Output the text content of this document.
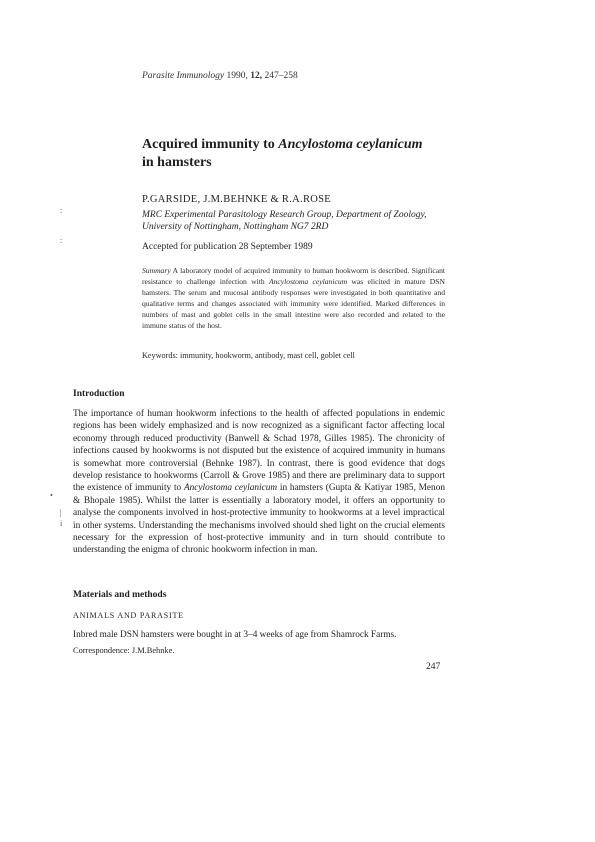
Parasite Immunology 1990, 12, 247–258
Acquired immunity to Ancylostoma ceylanicum
in hamsters
P.GARSIDE, J.M.BEHNKE & R.A.ROSE
MRC Experimental Parasitology Research Group, Department of Zoology, University of Nottingham, Nottingham NG7 2RD
Accepted for publication 28 September 1989
Summary A laboratory model of acquired immunity to human hookworm is described. Significant resistance to challenge infection with Ancylostoma ceylanicum was elicited in mature DSN hamsters. The serum and mucosal antibody responses were investigated in both quantitative and qualitative terms and changes associated with immunity were identified. Marked differences in numbers of mast and goblet cells in the small intestine were also recorded and related to the immune status of the host.
Keywords: immunity, hookworm, antibody, mast cell, goblet cell
Introduction
The importance of human hookworm infections to the health of affected populations in endemic regions has been widely emphasized and is now recognized as a significant factor affecting local economy through reduced productivity (Banwell & Schad 1978, Gilles 1985). The chronicity of infections caused by hookworms is not disputed but the existence of acquired immunity in humans is somewhat more controversial (Behnke 1987). In contrast, there is good evidence that dogs develop resistance to hookworms (Carroll & Grove 1985) and there are preliminary data to support the existence of immunity to Ancylostoma ceylanicum in hamsters (Gupta & Katiyar 1985, Menon & Bhopale 1985). Whilst the latter is essentially a laboratory model, it offers an opportunity to analyse the components involved in host-protective immunity to hookworms at a level impractical in other systems. Understanding the mechanisms involved should shed light on the crucial elements necessary for the expression of host-protective immunity and in turn should contribute to understanding the enigma of chronic hookworm infection in man.
Materials and methods
ANIMALS AND PARASITE
Inbred male DSN hamsters were bought in at 3–4 weeks of age from Shamrock Farms.
Correspondence: J.M.Behnke.
247
:
:
•
|
i
